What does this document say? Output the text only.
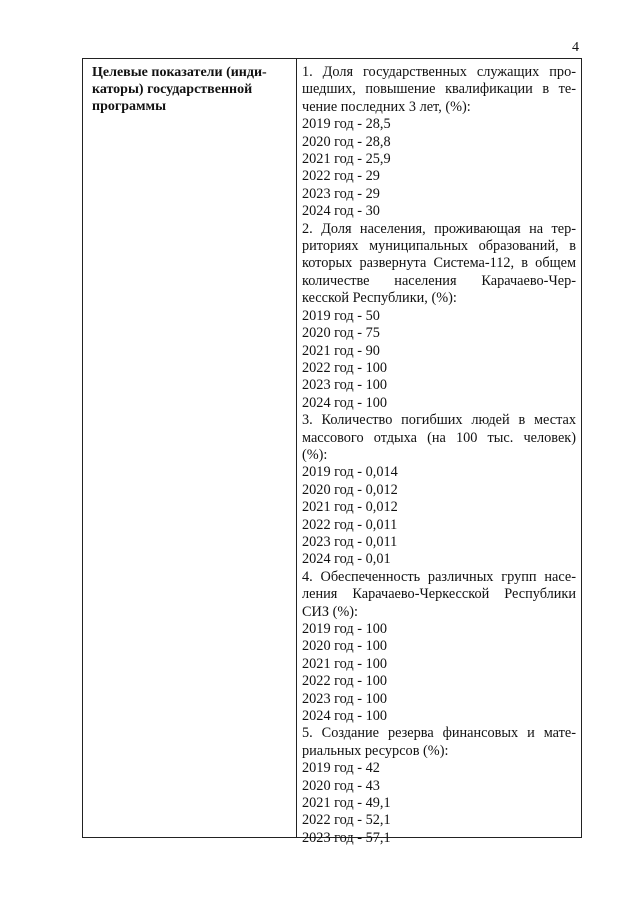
4
Целевые показатели (инди-
каторы) государственной
программы
1. Доля государственных служащих про-
шедших, повышение квалификации в те-
чение последних 3 лет, (%):
2019 год - 28,5
2020 год - 28,8
2021 год - 25,9
2022 год - 29
2023 год - 29
2024 год - 30
2. Доля населения, проживающая на тер-
риториях муниципальных образований, в
которых развернута Система-112, в общем
количестве населения Карачаево-Чер-
кесской Республики, (%):
2019 год - 50
2020 год - 75
2021 год - 90
2022 год - 100
2023 год - 100
2024 год - 100
3. Количество погибших людей в местах
массового отдыха (на 100 тыс. человек)
(%):
2019 год - 0,014
2020 год - 0,012
2021 год - 0,012
2022 год - 0,011
2023 год - 0,011
2024 год - 0,01
4. Обеспеченность различных групп насе-
ления Карачаево-Черкесской Республики
СИЗ (%):
2019 год - 100
2020 год - 100
2021 год - 100
2022 год - 100
2023 год - 100
2024 год - 100
5. Создание резерва финансовых и мате-
риальных ресурсов (%):
2019 год - 42
2020 год - 43
2021 год - 49,1
2022 год - 52,1
2023 год - 57,1
